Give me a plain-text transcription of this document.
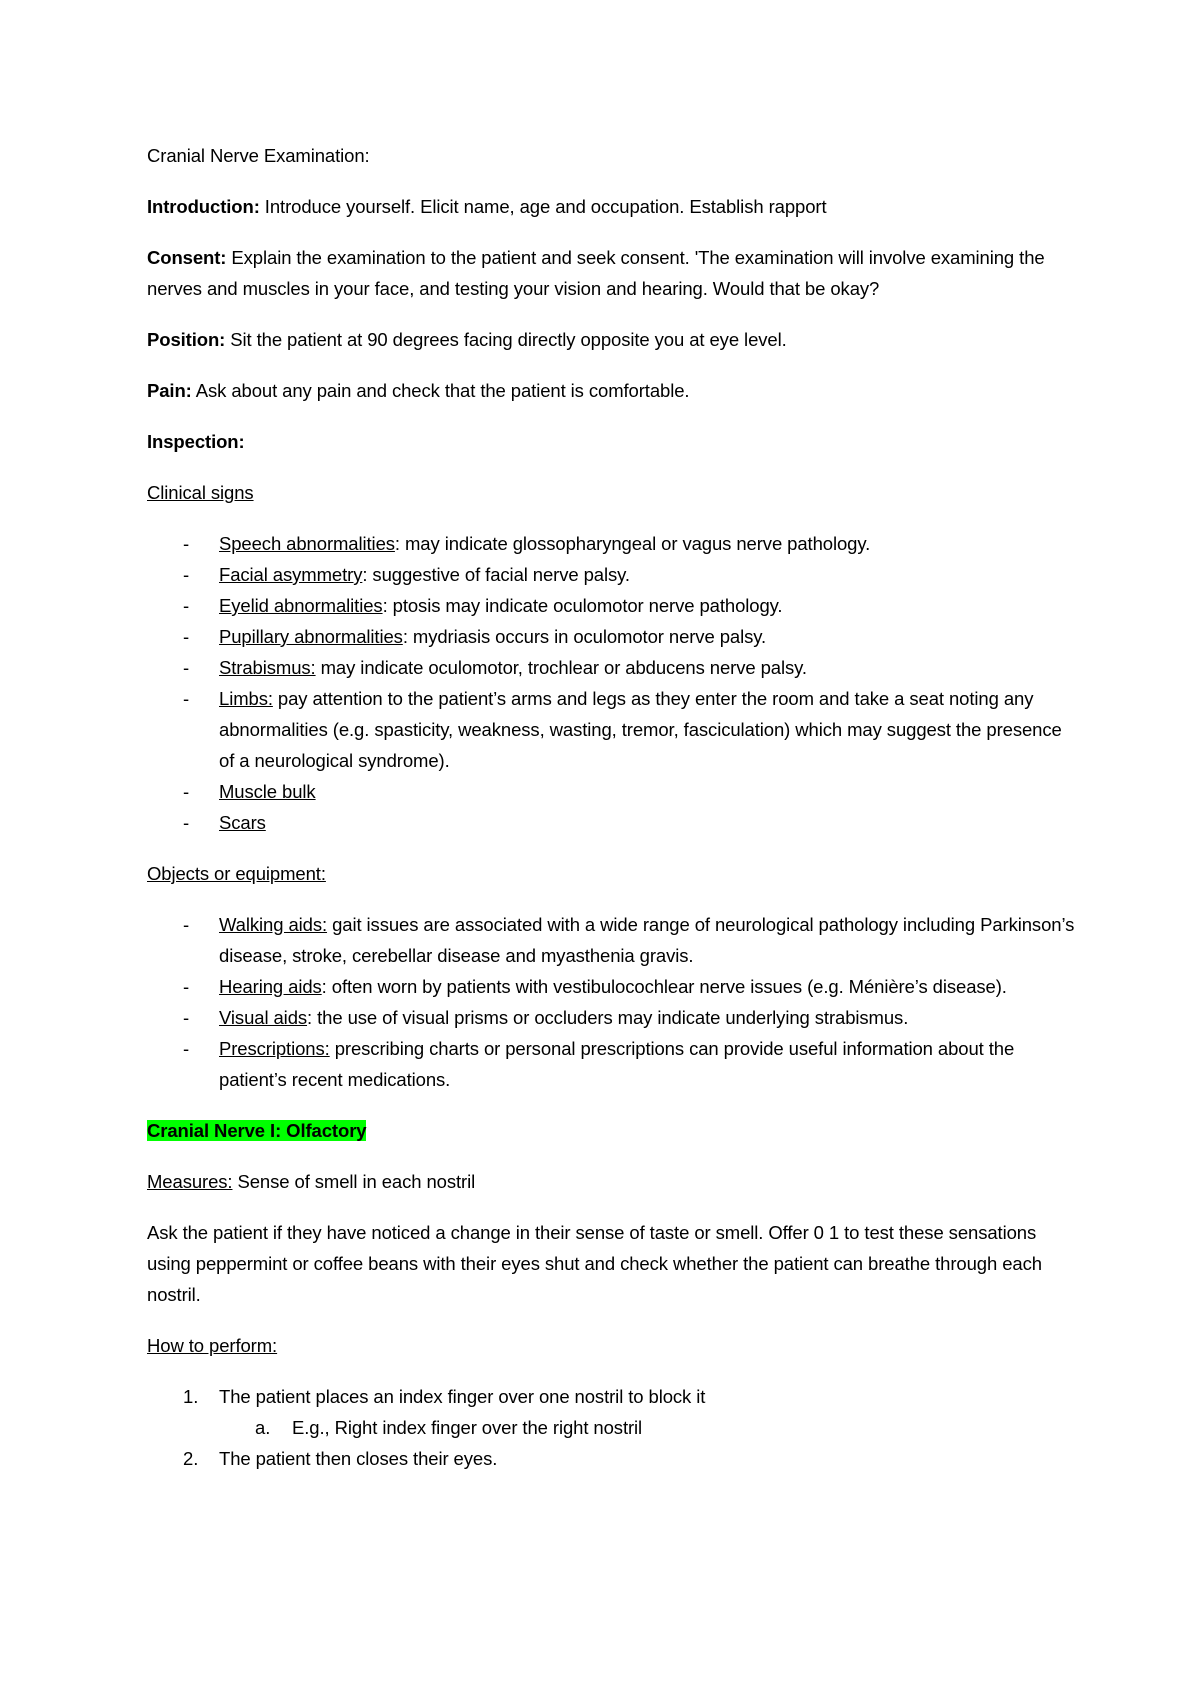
Cranial Nerve Examination:

Introduction: Introduce yourself. Elicit name, age and occupation. Establish rapport

Consent: Explain the examination to the patient and seek consent. 'The examination will involve examining the nerves and muscles in your face, and testing your vision and hearing. Would that be okay?

Position: Sit the patient at 90 degrees facing directly opposite you at eye level.

Pain: Ask about any pain and check that the patient is comfortable.

Inspection:

Clinical signs

- Speech abnormalities: may indicate glossopharyngeal or vagus nerve pathology.
- Facial asymmetry: suggestive of facial nerve palsy.
- Eyelid abnormalities: ptosis may indicate oculomotor nerve pathology.
- Pupillary abnormalities: mydriasis occurs in oculomotor nerve palsy.
- Strabismus: may indicate oculomotor, trochlear or abducens nerve palsy.
- Limbs: pay attention to the patient’s arms and legs as they enter the room and take a seat noting any abnormalities (e.g. spasticity, weakness, wasting, tremor, fasciculation) which may suggest the presence of a neurological syndrome).
- Muscle bulk
- Scars

Objects or equipment:

- Walking aids: gait issues are associated with a wide range of neurological pathology including Parkinson’s disease, stroke, cerebellar disease and myasthenia gravis.
- Hearing aids: often worn by patients with vestibulocochlear nerve issues (e.g. Ménière’s disease).
- Visual aids: the use of visual prisms or occluders may indicate underlying strabismus.
- Prescriptions: prescribing charts or personal prescriptions can provide useful information about the patient’s recent medications.

Cranial Nerve I: Olfactory

Measures: Sense of smell in each nostril

Ask the patient if they have noticed a change in their sense of taste or smell. Offer 0 1 to test these sensations using peppermint or coffee beans with their eyes shut and check whether the patient can breathe through each nostril.

How to perform:

1. The patient places an index finger over one nostril to block it
a. E.g., Right index finger over the right nostril
2. The patient then closes their eyes.
